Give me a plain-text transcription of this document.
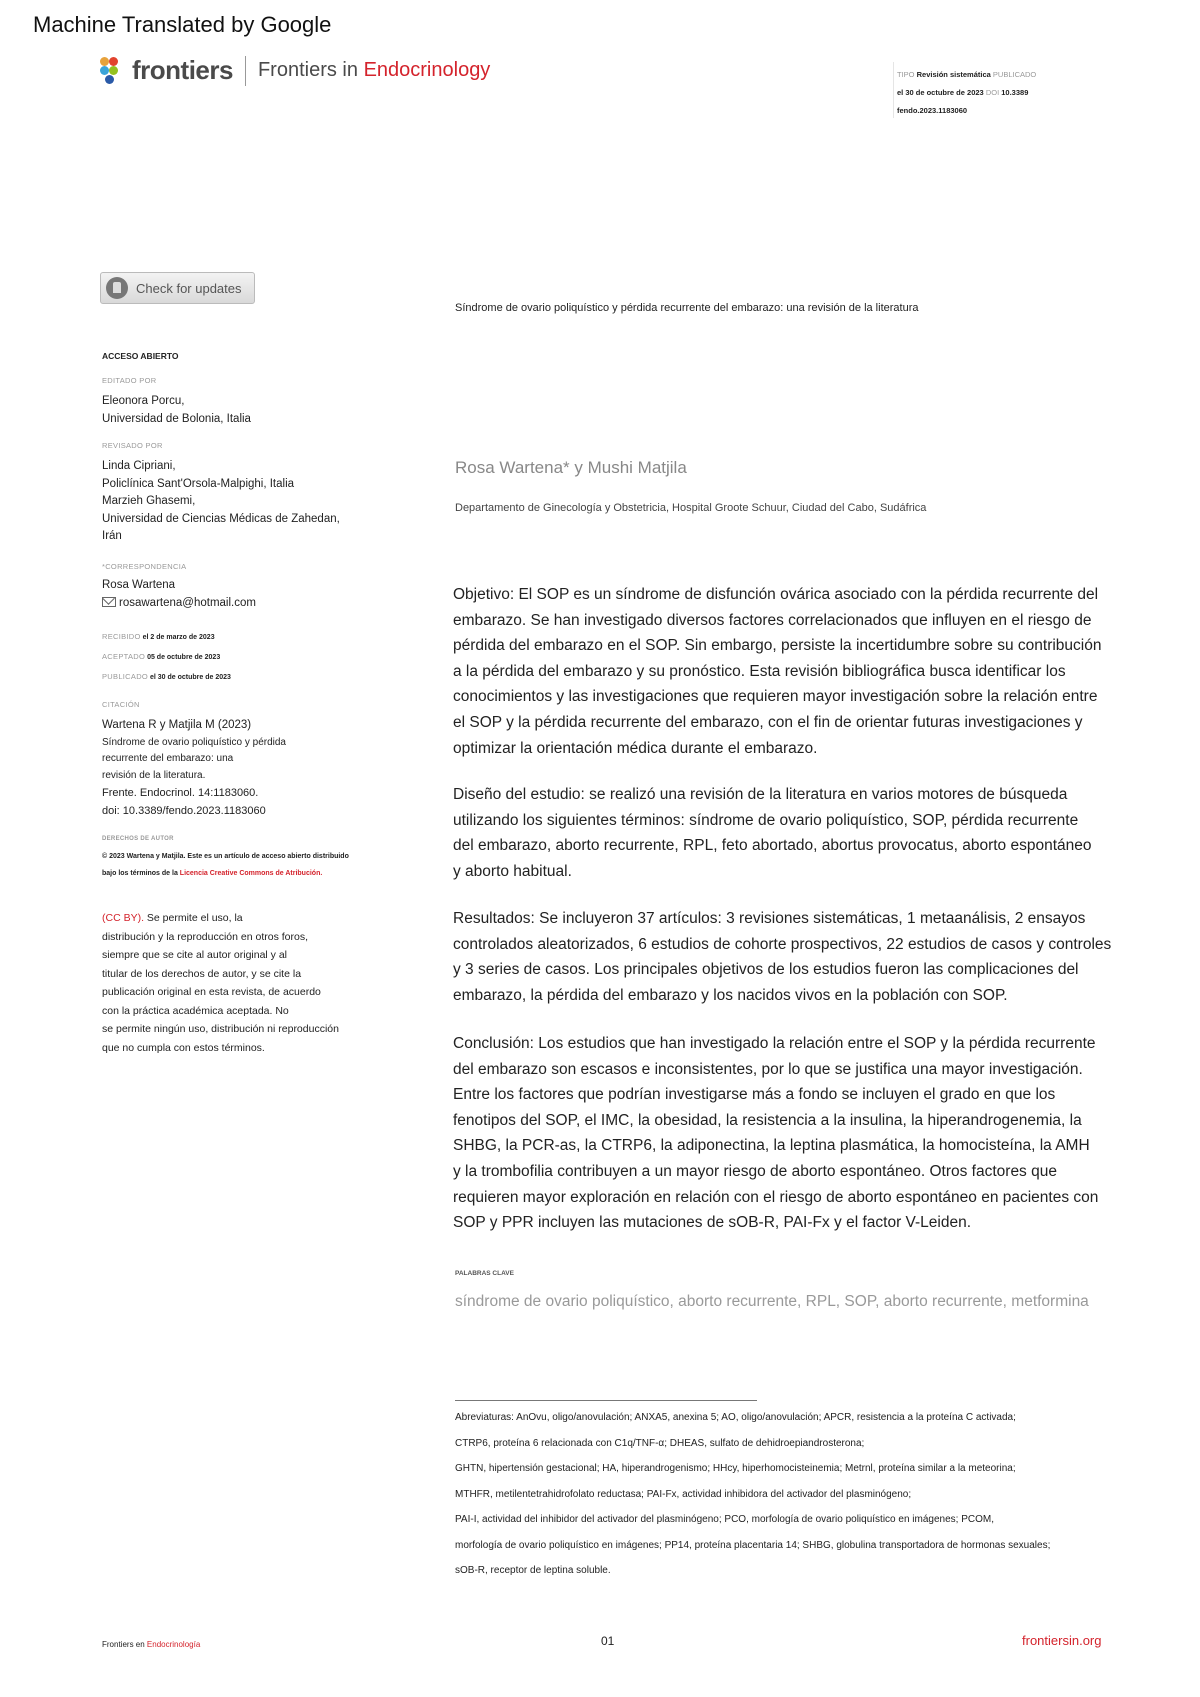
Machine Translated by Google
frontiers Frontiers in Endocrinology	TIPO Revisión sistemática PUBLICADO
el 30 de octubre de 2023 DOI 10.3389
fendo.2023.1183060
Check for updates
Síndrome de ovario poliquístico y pérdida recurrente del embarazo: una revisión de la literatura
ACCESO ABIERTO
EDITADO POR
Eleonora Porcu,
Universidad de Bolonia, Italia
REVISADO POR
Linda Cipriani,
Policlínica Sant'Orsola-Malpighi, Italia
Marzieh Ghasemi,
Universidad de Ciencias Médicas de Zahedan,
Irán
*CORRESPONDENCIA
Rosa Wartena
rosawartena@hotmail.com
RECIBIDO el 2 de marzo de 2023
ACEPTADO 05 de octubre de 2023
PUBLICADO el 30 de octubre de 2023
CITACIÓN
Wartena R y Matjila M (2023)
Síndrome de ovario poliquístico y pérdida
recurrente del embarazo: una
revisión de la literatura.
Frente. Endocrinol. 14:1183060.
doi: 10.3389/fendo.2023.1183060
DERECHOS DE AUTOR
© 2023 Wartena y Matjila. Este es un artículo de acceso abierto distribuido
bajo los términos de la Licencia Creative Commons de Atribución.
(CC BY). Se permite el uso, la
distribución y la reproducción en otros foros,
siempre que se cite al autor original y al
titular de los derechos de autor, y se cite la
publicación original en esta revista, de acuerdo
con la práctica académica aceptada. No
se permite ningún uso, distribución ni reproducción
que no cumpla con estos términos.
Rosa Wartena* y Mushi Matjila
Departamento de Ginecología y Obstetricia, Hospital Groote Schuur, Ciudad del Cabo, Sudáfrica
Objetivo: El SOP es un síndrome de disfunción ovárica asociado con la pérdida recurrente del
embarazo. Se han investigado diversos factores correlacionados que influyen en el riesgo de
pérdida del embarazo en el SOP. Sin embargo, persiste la incertidumbre sobre su contribución
a la pérdida del embarazo y su pronóstico. Esta revisión bibliográfica busca identificar los
conocimientos y las investigaciones que requieren mayor investigación sobre la relación entre
el SOP y la pérdida recurrente del embarazo, con el fin de orientar futuras investigaciones y
optimizar la orientación médica durante el embarazo.
Diseño del estudio: se realizó una revisión de la literatura en varios motores de búsqueda
utilizando los siguientes términos: síndrome de ovario poliquístico, SOP, pérdida recurrente
del embarazo, aborto recurrente, RPL, feto abortado, abortus provocatus, aborto espontáneo
y aborto habitual.
Resultados: Se incluyeron 37 artículos: 3 revisiones sistemáticas, 1 metaanálisis, 2 ensayos
controlados aleatorizados, 6 estudios de cohorte prospectivos, 22 estudios de casos y controles
y 3 series de casos. Los principales objetivos de los estudios fueron las complicaciones del
embarazo, la pérdida del embarazo y los nacidos vivos en la población con SOP.
Conclusión: Los estudios que han investigado la relación entre el SOP y la pérdida recurrente
del embarazo son escasos e inconsistentes, por lo que se justifica una mayor investigación.
Entre los factores que podrían investigarse más a fondo se incluyen el grado en que los
fenotipos del SOP, el IMC, la obesidad, la resistencia a la insulina, la hiperandrogenemia, la
SHBG, la PCR-as, la CTRP6, la adiponectina, la leptina plasmática, la homocisteína, la AMH
y la trombofilia contribuyen a un mayor riesgo de aborto espontáneo. Otros factores que
requieren mayor exploración en relación con el riesgo de aborto espontáneo en pacientes con
SOP y PPR incluyen las mutaciones de sOB-R, PAI-Fx y el factor V-Leiden.
PALABRAS CLAVE
síndrome de ovario poliquístico, aborto recurrente, RPL, SOP, aborto recurrente, metformina
Abreviaturas: AnOvu, oligo/anovulación; ANXA5, anexina 5; AO, oligo/anovulación; APCR, resistencia a la proteína C activada;
CTRP6, proteína 6 relacionada con C1q/TNF-α; DHEAS, sulfato de dehidroepiandrosterona;
GHTN, hipertensión gestacional; HA, hiperandrogenismo; HHcy, hiperhomocisteinemia; Metrnl, proteína similar a la meteorina;
MTHFR, metilentetrahidrofolato reductasa; PAI-Fx, actividad inhibidora del activador del plasminógeno;
PAI-I, actividad del inhibidor del activador del plasminógeno; PCO, morfología de ovario poliquístico en imágenes; PCOM,
morfología de ovario poliquístico en imágenes; PP14, proteína placentaria 14; SHBG, globulina transportadora de hormonas sexuales;
sOB-R, receptor de leptina soluble.
Frontiers en Endocrinología	01	frontiersin.org
